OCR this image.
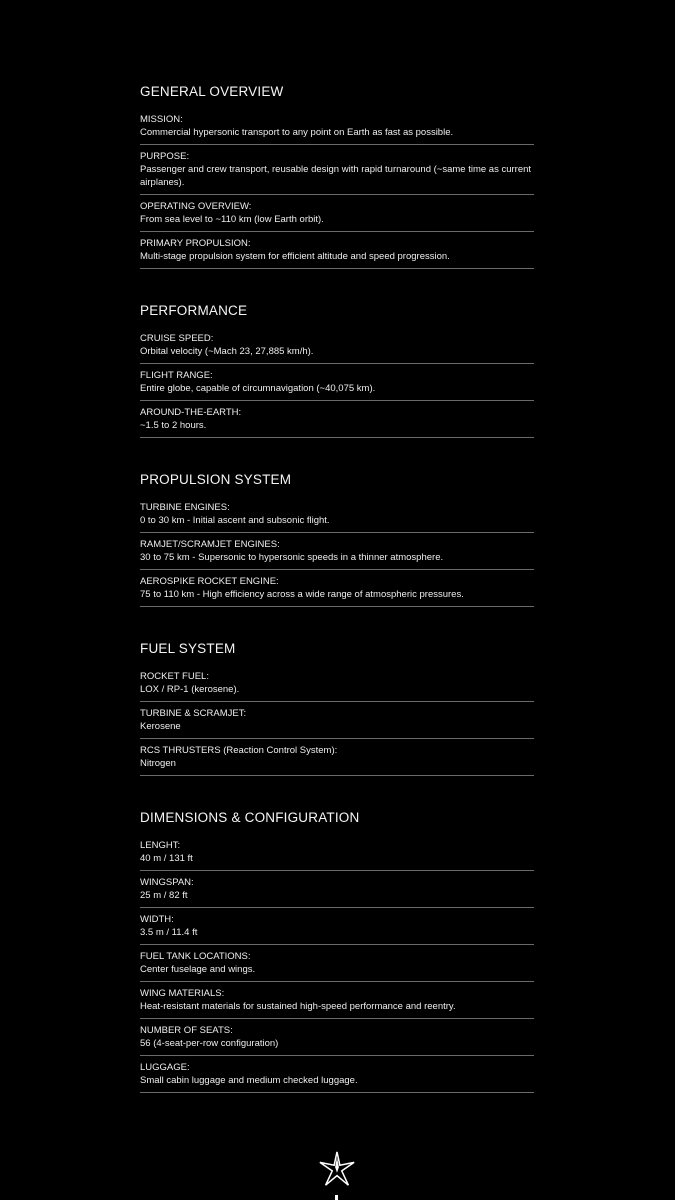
GENERAL OVERVIEW
MISSION:
Commercial hypersonic transport to any point on Earth as fast as possible.
PURPOSE:
Passenger and crew transport, reusable design with rapid turnaround (~same time as current airplanes).
OPERATING OVERVIEW:
From sea level to ~110 km (low Earth orbit).
PRIMARY PROPULSION:
Multi-stage propulsion system for efficient altitude and speed progression.
PERFORMANCE
CRUISE SPEED:
Orbital velocity (~Mach 23, 27,885 km/h).
FLIGHT RANGE:
Entire globe, capable of circumnavigation (~40,075 km).
AROUND-THE-EARTH:
~1.5 to 2 hours.
PROPULSION SYSTEM
TURBINE ENGINES:
0 to 30 km - Initial ascent and subsonic flight.
RAMJET/SCRAMJET ENGINES:
30 to 75 km - Supersonic to hypersonic speeds in a thinner atmosphere.
AEROSPIKE ROCKET ENGINE:
75 to 110 km - High efficiency across a wide range of atmospheric pressures.
FUEL SYSTEM
ROCKET FUEL:
LOX / RP-1 (kerosene).
TURBINE & SCRAMJET:
Kerosene
RCS THRUSTERS (Reaction Control System):
Nitrogen
DIMENSIONS & CONFIGURATION
LENGHT:
40 m / 131 ft
WINGSPAN:
25 m / 82 ft
WIDTH:
3.5 m / 11.4 ft
FUEL TANK LOCATIONS:
Center fuselage and wings.
WING MATERIALS:
Heat-resistant materials for sustained high-speed performance and reentry.
NUMBER OF SEATS:
56 (4-seat-per-row configuration)
LUGGAGE:
Small cabin luggage and medium checked luggage.
